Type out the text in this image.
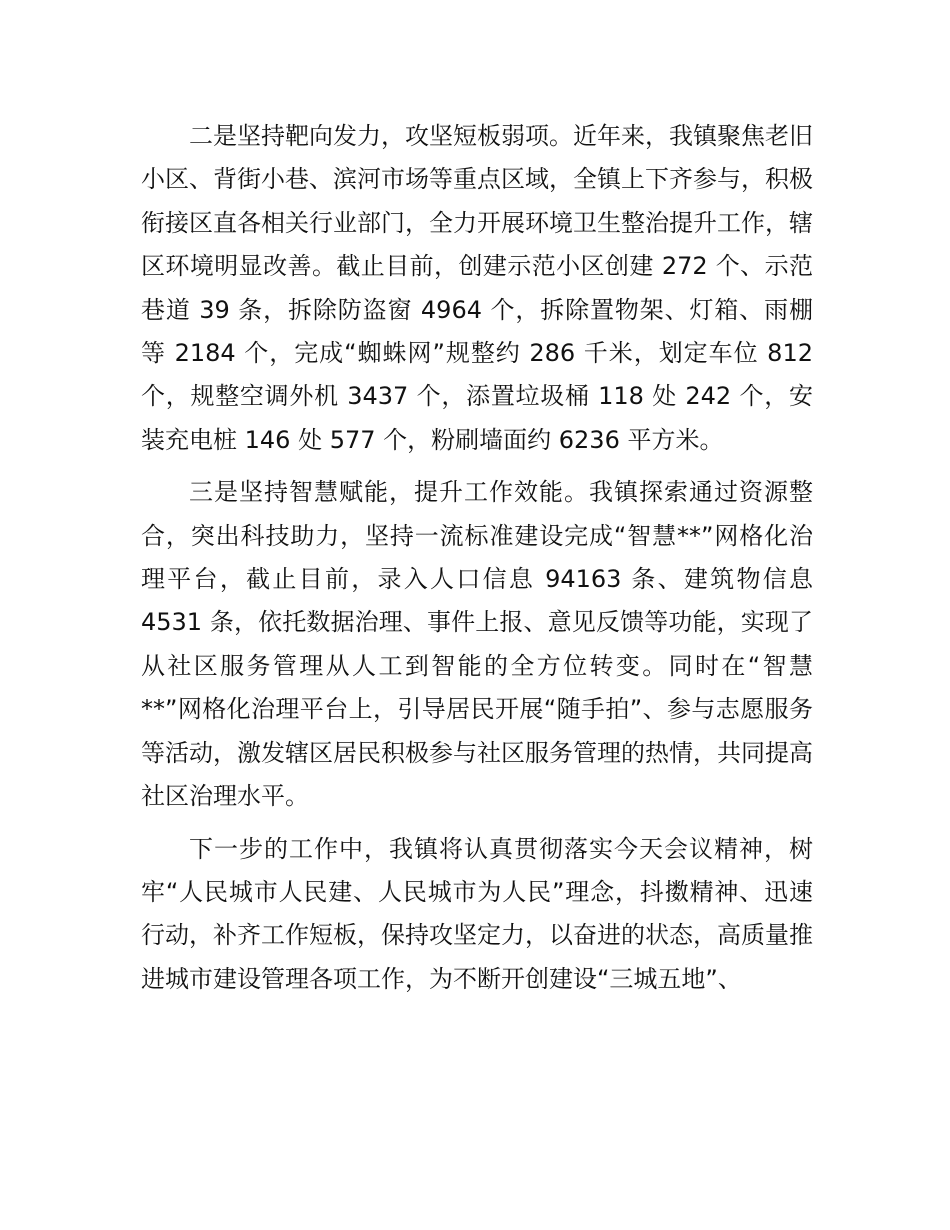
二是坚持靶向发力，攻坚短板弱项。近年来，我镇聚焦老旧小区、背街小巷、滨河市场等重点区域，全镇上下齐参与，积极衔接区直各相关行业部门，全力开展环境卫生整治提升工作，辖区环境明显改善。截止目前，创建示范小区创建 272 个、示范巷道 39 条，拆除防盗窗 4964 个，拆除置物架、灯箱、雨棚等 2184 个，完成“蜘蛛网”规整约 286 千米，划定车位 812 个，规整空调外机 3437 个，添置垃圾桶 118 处 242 个，安装充电桩 146 处 577 个，粉刷墙面约 6236 平方米。

三是坚持智慧赋能，提升工作效能。我镇探索通过资源整合，突出科技助力，坚持一流标准建设完成“智慧**”网格化治理平台，截止目前，录入人口信息 94163 条、建筑物信息 4531 条，依托数据治理、事件上报、意见反馈等功能，实现了从社区服务管理从人工到智能的全方位转变。同时在“智慧**”网格化治理平台上，引导居民开展“随手拍”、参与志愿服务等活动，激发辖区居民积极参与社区服务管理的热情，共同提高社区治理水平。

下一步的工作中，我镇将认真贯彻落实今天会议精神，树牢“人民城市人民建、人民城市为人民”理念，抖擞精神、迅速行动，补齐工作短板，保持攻坚定力，以奋进的状态，高质量推进城市建设管理各项工作，为不断开创建设“三城五地”、
